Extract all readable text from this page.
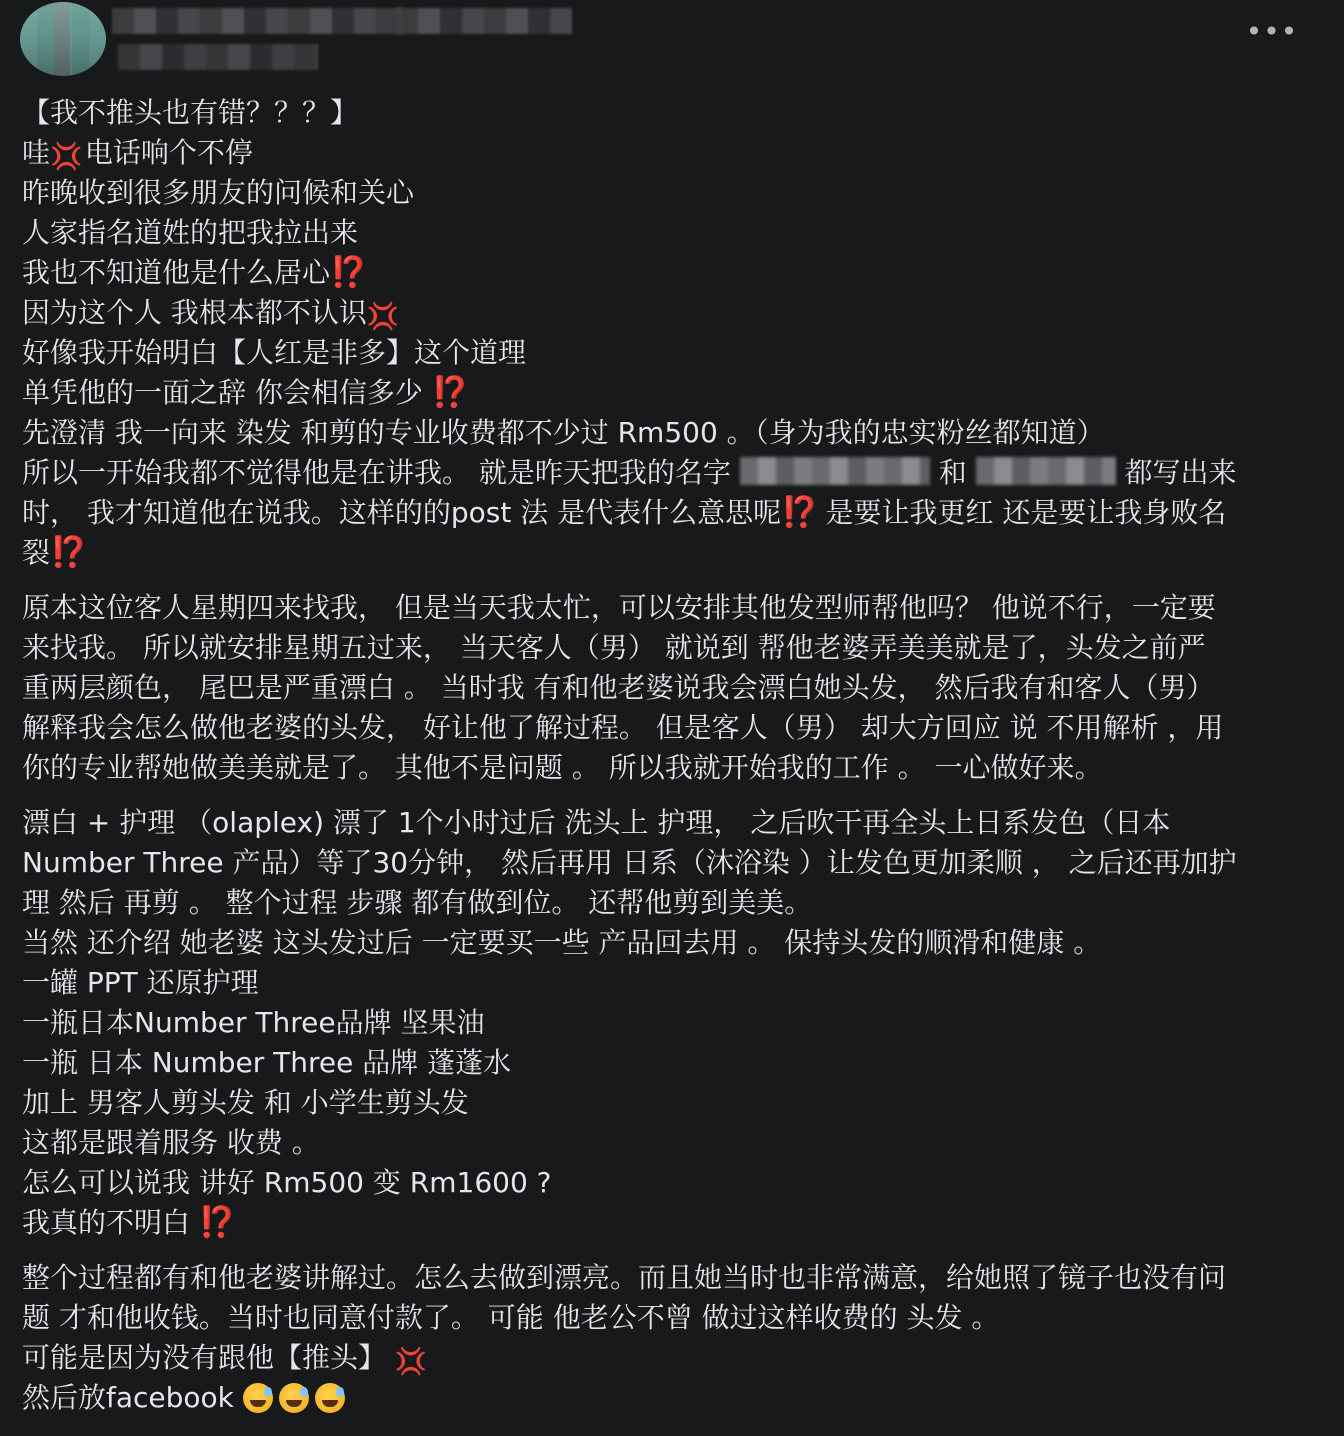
•••
【我不推头也有错？？？】
哇💢 电话响个不停
昨晚收到很多朋友的问候和关心
人家指名道姓的把我拉出来
我也不知道他是什么居心⁉️
因为这个人 我根本都不认识💢
好像我开始明白【人红是非多】这个道理
单凭他的一面之辞 你会相信多少 ⁉️
先澄清 我一向来 染发 和剪的专业收费都不少过 Rm500 。（身为我的忠实粉丝都知道）
所以一开始我都不觉得他是在讲我。 就是昨天把我的名字	和	都写出来
时， 我才知道他在说我。这样的的post 法 是代表什么意思呢⁉️ 是要让我更红 还是要让我身败名
裂⁉️
原本这位客人星期四来找我， 但是当天我太忙，可以安排其他发型师帮他吗？ 他说不行，一定要
来找我。 所以就安排星期五过来， 当天客人（男） 就说到 帮他老婆弄美美就是了，头发之前严
重两层颜色， 尾巴是严重漂白 。 当时我 有和他老婆说我会漂白她头发， 然后我有和客人（男）
解释我会怎么做他老婆的头发， 好让他了解过程。 但是客人（男） 却大方回应 说 不用解析 ，用
你的专业帮她做美美就是了。 其他不是问题 。 所以我就开始我的工作 。 一心做好来。
漂白 + 护理 （olaplex) 漂了 1个小时过后 洗头上 护理， 之后吹干再全头上日系发色（日本
Number Three 产品）等了30分钟， 然后再用 日系（沐浴染 ）让发色更加柔顺 ， 之后还再加护
理 然后 再剪 。 整个过程 步骤 都有做到位。 还帮他剪到美美。
当然 还介绍 她老婆 这头发过后 一定要买一些 产品回去用 。 保持头发的顺滑和健康 。
一罐 PPT 还原护理
一瓶日本Number Three品牌 坚果油
一瓶 日本 Number Three 品牌 蓬蓬水
加上 男客人剪头发 和 小学生剪头发
这都是跟着服务 收费 。
怎么可以说我 讲好 Rm500 变 Rm1600 ?
我真的不明白 ⁉️
整个过程都有和他老婆讲解过。怎么去做到漂亮。而且她当时也非常满意，给她照了镜子也没有问
题 才和他收钱。当时也同意付款了。 可能 他老公不曾 做过这样收费的 头发 。
可能是因为没有跟他【推头】 💢
然后放facebook
